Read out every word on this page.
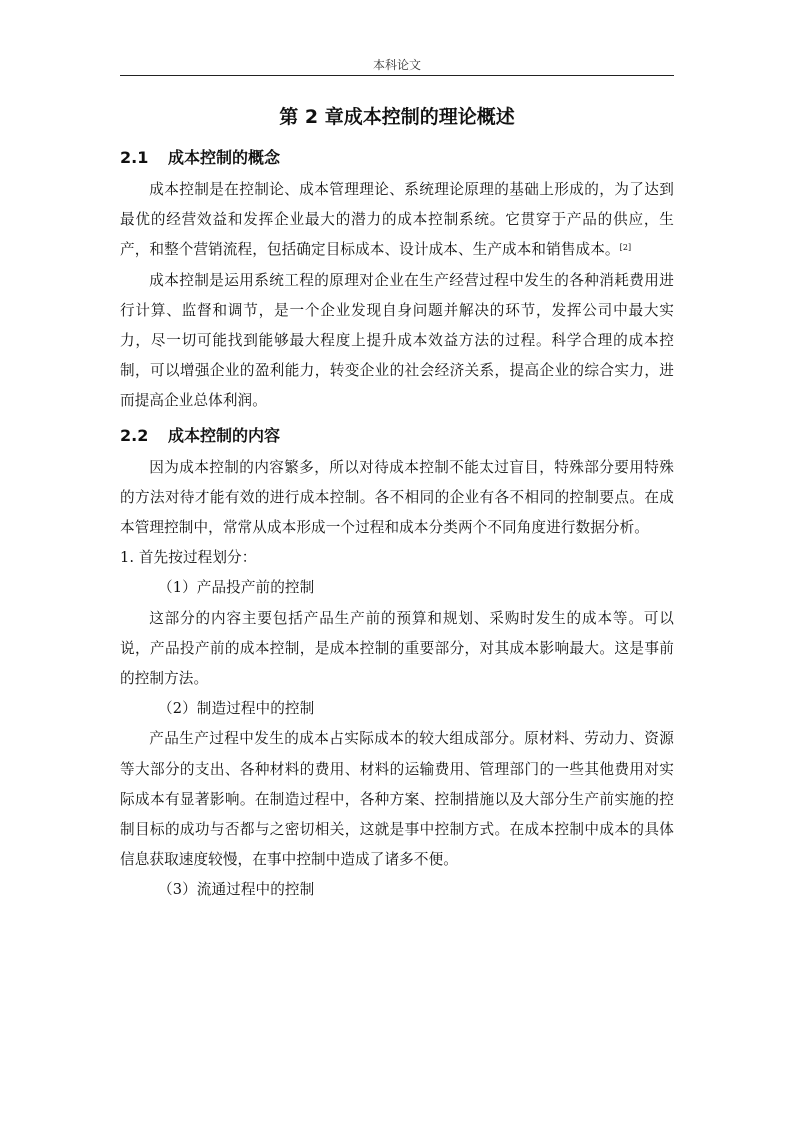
本科论文
第 2 章成本控制的理论概述
2.1 成本控制的概念

成本控制是在控制论、成本管理理论、系统理论原理的基础上形成的，为了达到最优的经营效益和发挥企业最大的潜力的成本控制系统。它贯穿于产品的供应，生产，和整个营销流程，包括确定目标成本、设计成本、生产成本和销售成本。[2]

成本控制是运用系统工程的原理对企业在生产经营过程中发生的各种消耗费用进行计算、监督和调节，是一个企业发现自身问题并解决的环节，发挥公司中最大实力，尽一切可能找到能够最大程度上提升成本效益方法的过程。科学合理的成本控制，可以增强企业的盈利能力，转变企业的社会经济关系，提高企业的综合实力，进而提高企业总体利润。

2.2 成本控制的内容

因为成本控制的内容繁多，所以对待成本控制不能太过盲目，特殊部分要用特殊的方法对待才能有效的进行成本控制。各不相同的企业有各不相同的控制要点。在成本管理控制中，常常从成本形成一个过程和成本分类两个不同角度进行数据分析。

1. 首先按过程划分：

（1）产品投产前的控制

这部分的内容主要包括产品生产前的预算和规划、采购时发生的成本等。可以说，产品投产前的成本控制，是成本控制的重要部分，对其成本影响最大。这是事前的控制方法。

（2）制造过程中的控制

产品生产过程中发生的成本占实际成本的较大组成部分。原材料、劳动力、资源等大部分的支出、各种材料的费用、材料的运输费用、管理部门的一些其他费用对实际成本有显著影响。在制造过程中，各种方案、控制措施以及大部分生产前实施的控制目标的成功与否都与之密切相关，这就是事中控制方式。在成本控制中成本的具体信息获取速度较慢，在事中控制中造成了诸多不便。

（3）流通过程中的控制
